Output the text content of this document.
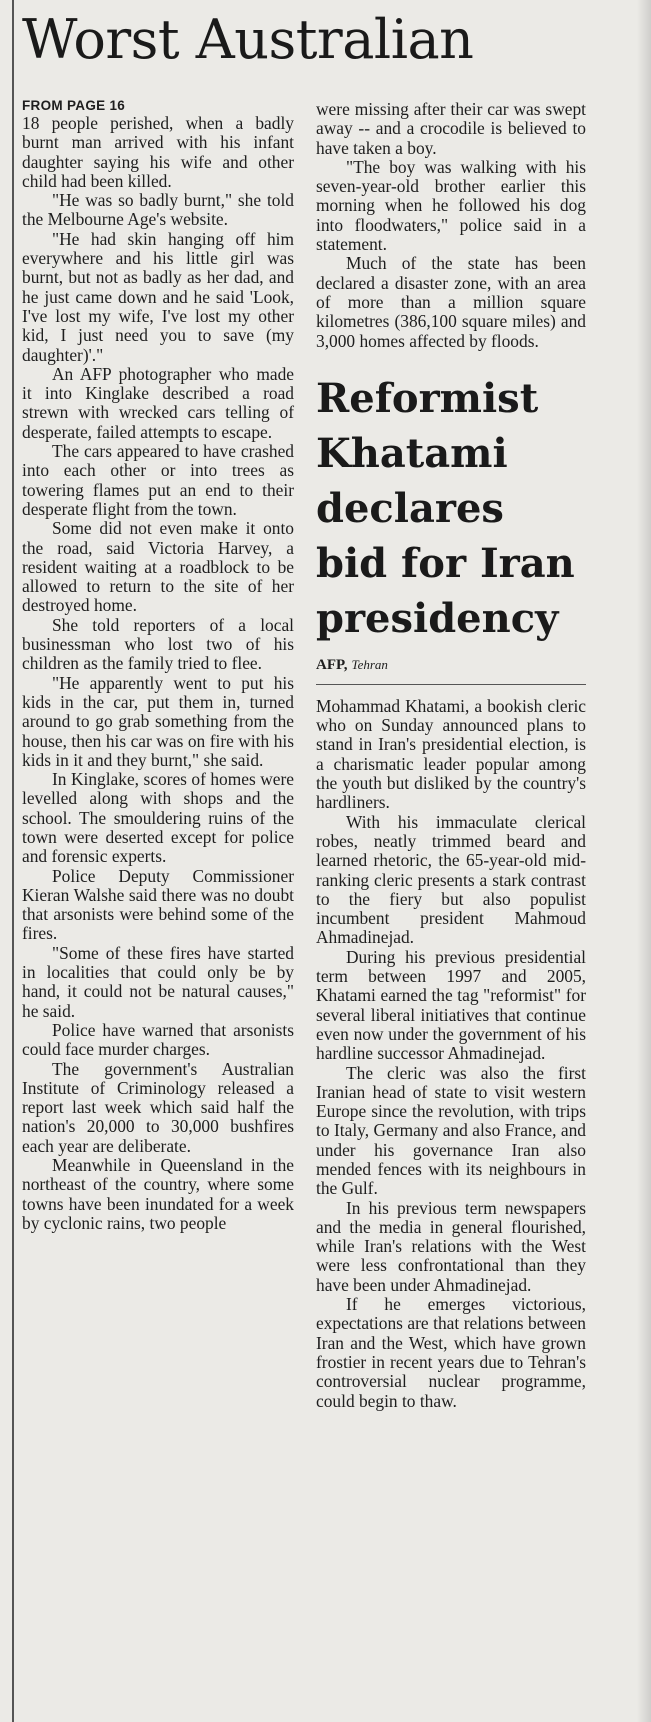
Worst Australian
FROM PAGE 16

18 people perished, when a badly burnt man arrived with his infant daughter saying his wife and other child had been killed.

"He was so badly burnt," she told the Melbourne Age's website.

"He had skin hanging off him everywhere and his little girl was burnt, but not as badly as her dad, and he just came down and he said 'Look, I've lost my wife, I've lost my other kid, I just need you to save (my daughter)'."

An AFP photographer who made it into Kinglake described a road strewn with wrecked cars telling of desperate, failed attempts to escape.

The cars appeared to have crashed into each other or into trees as towering flames put an end to their desperate flight from the town.

Some did not even make it onto the road, said Victoria Harvey, a resident waiting at a roadblock to be allowed to return to the site of her destroyed home.

She told reporters of a local businessman who lost two of his children as the family tried to flee.

"He apparently went to put his kids in the car, put them in, turned around to go grab something from the house, then his car was on fire with his kids in it and they burnt," she said.

In Kinglake, scores of homes were levelled along with shops and the school. The smouldering ruins of the town were deserted except for police and forensic experts.

Police Deputy Commissioner Kieran Walshe said there was no doubt that arsonists were behind some of the fires.

"Some of these fires have started in localities that could only be by hand, it could not be natural causes," he said.

Police have warned that arsonists could face murder charges.

The government's Australian Institute of Criminology released a report last week which said half the nation's 20,000 to 30,000 bushfires each year are deliberate.

Meanwhile in Queensland in the northeast of the country, where some towns have been inundated for a week by cyclonic rains, two people

were missing after their car was swept away -- and a crocodile is believed to have taken a boy.

"The boy was walking with his seven-year-old brother earlier this morning when he followed his dog into floodwaters," police said in a statement.

Much of the state has been declared a disaster zone, with an area of more than a million square kilometres (386,100 square miles) and 3,000 homes affected by floods.

Reformist Khatami declares bid for Iran presidency
AFP, Tehran

Mohammad Khatami, a bookish cleric who on Sunday announced plans to stand in Iran's presidential election, is a charismatic leader popular among the youth but disliked by the country's hardliners.

With his immaculate clerical robes, neatly trimmed beard and learned rhetoric, the 65-year-old mid-ranking cleric presents a stark contrast to the fiery but also populist incumbent president Mahmoud Ahmadinejad.

During his previous presidential term between 1997 and 2005, Khatami earned the tag "reformist" for several liberal initiatives that continue even now under the government of his hardline successor Ahmadinejad.

The cleric was also the first Iranian head of state to visit western Europe since the revolution, with trips to Italy, Germany and also France, and under his governance Iran also mended fences with its neighbours in the Gulf.

In his previous term newspapers and the media in general flourished, while Iran's relations with the West were less confrontational than they have been under Ahmadinejad.

If he emerges victorious, expectations are that relations between Iran and the West, which have grown frostier in recent years due to Tehran's controversial nuclear programme, could begin to thaw.
